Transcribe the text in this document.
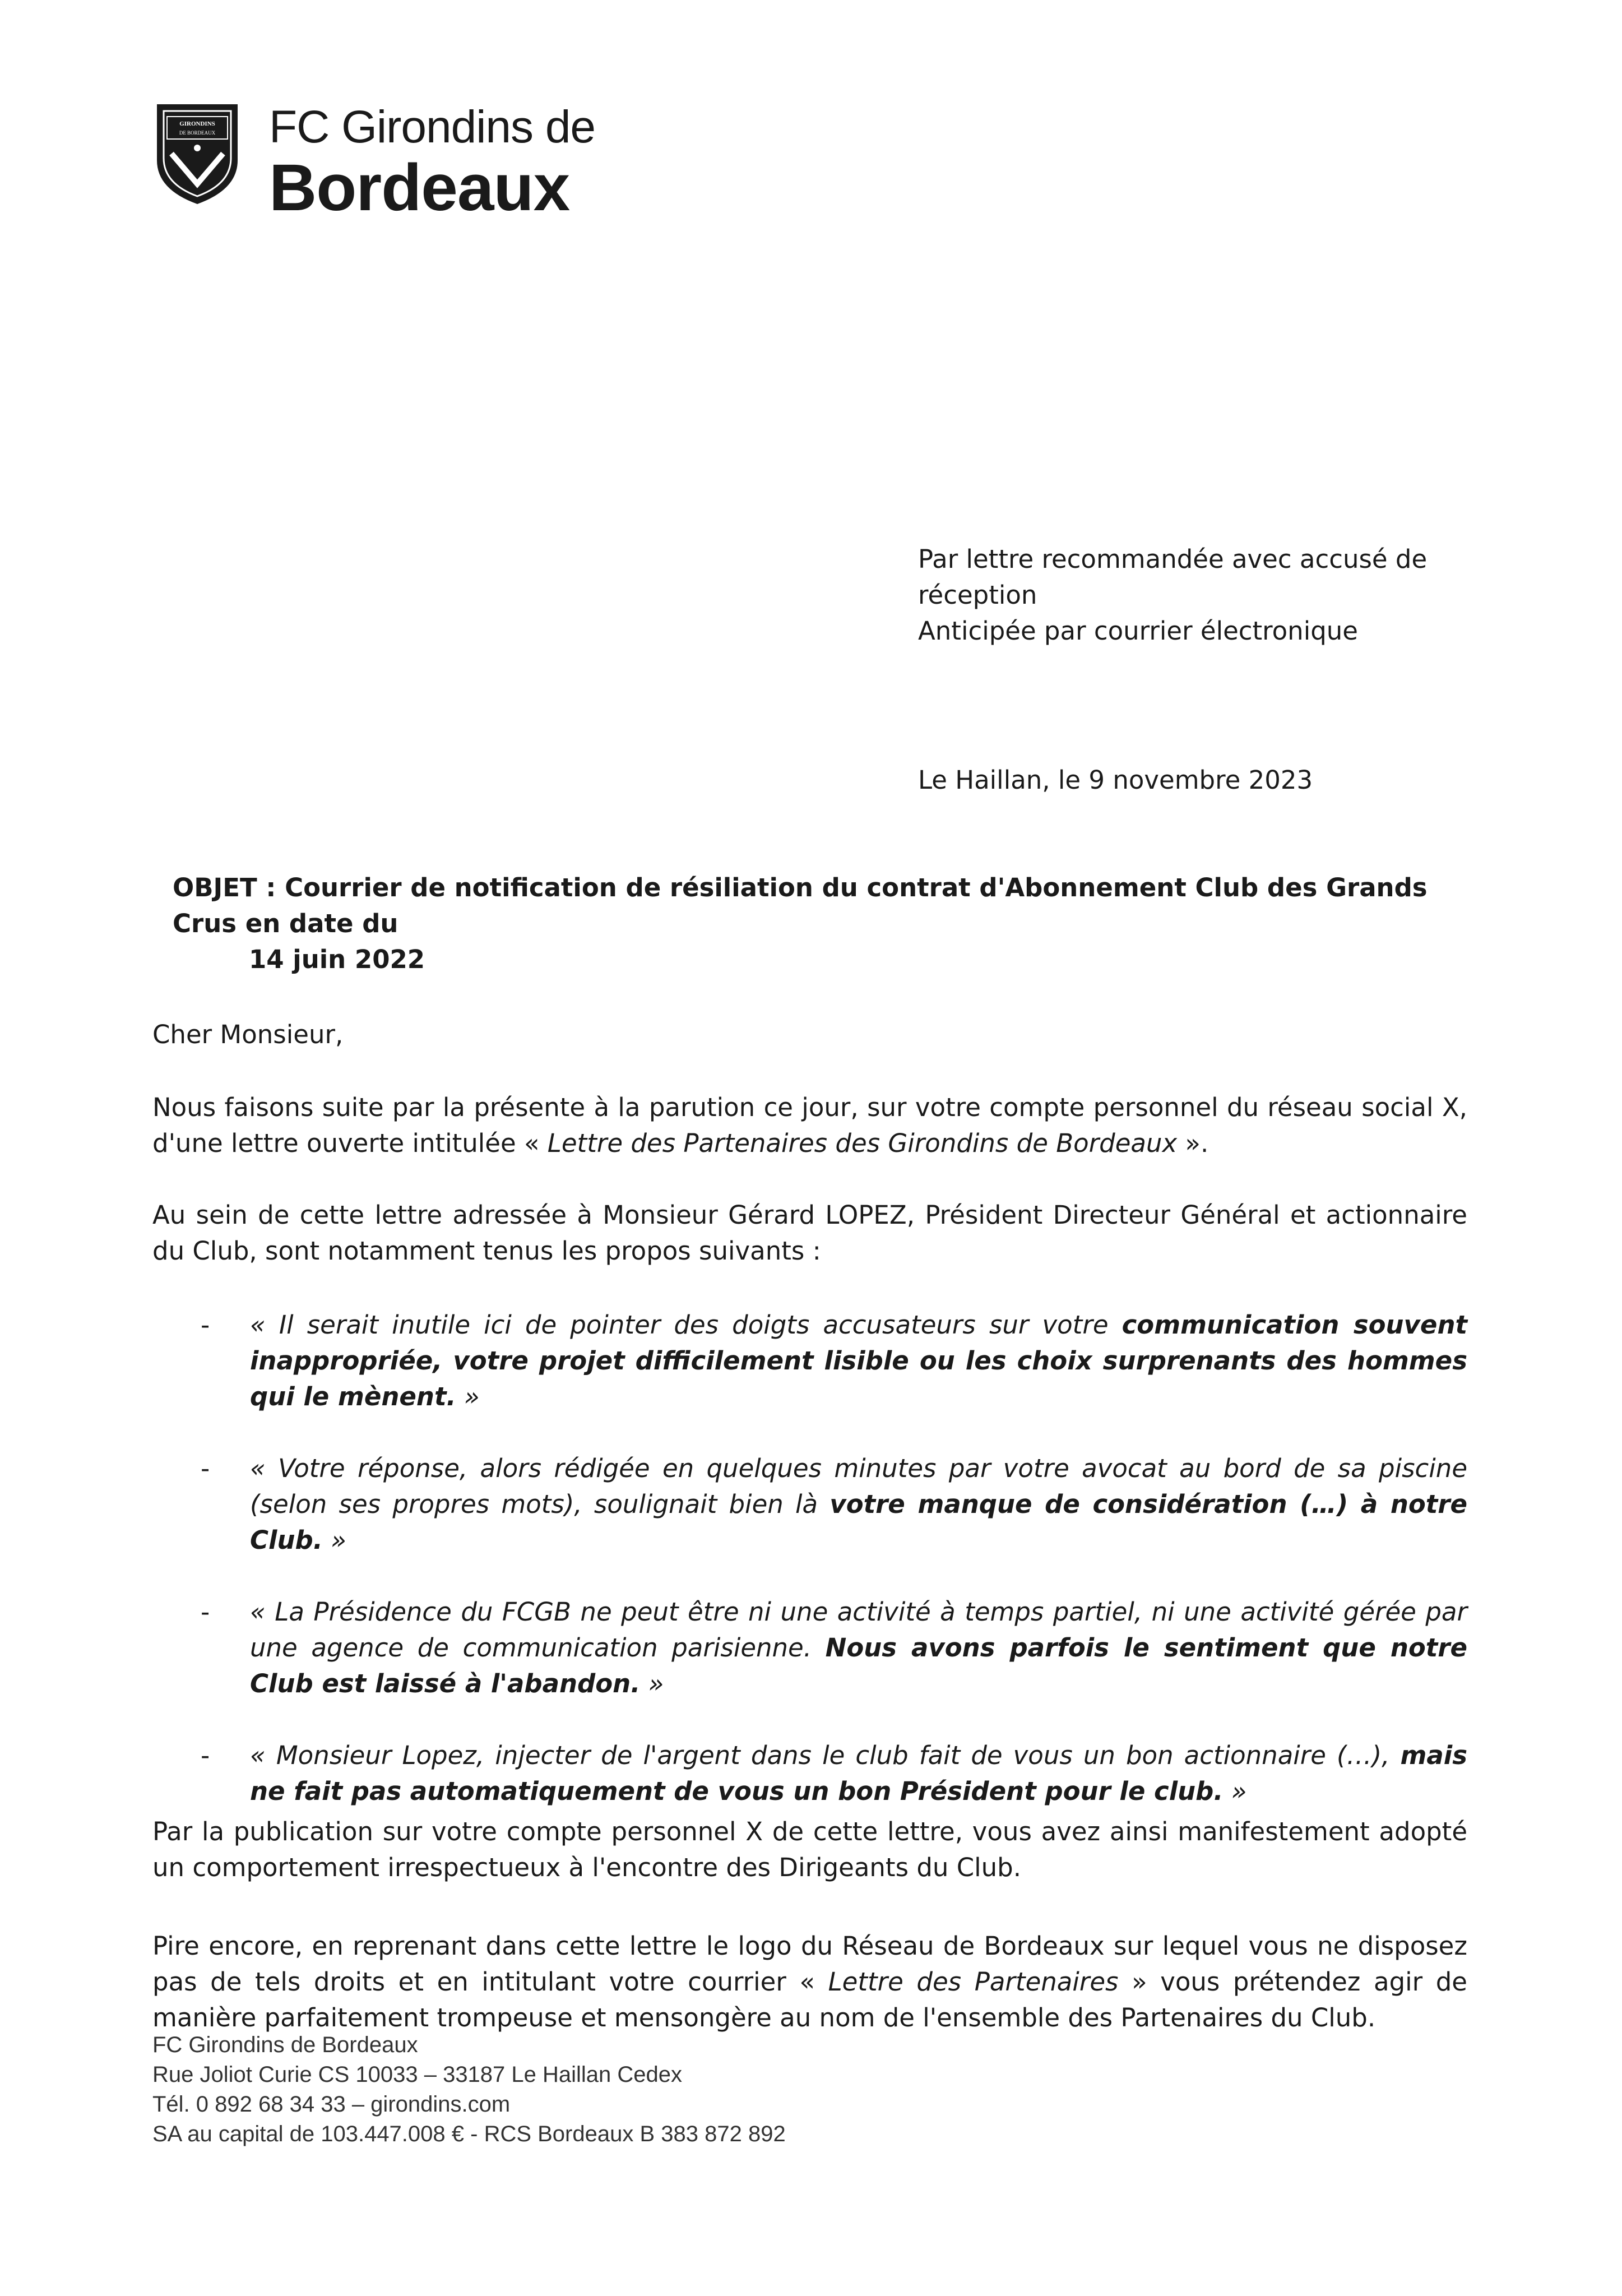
GIRONDINS
DE BORDEAUX FC Girondins de
Bordeaux
Par lettre recommandée avec accusé de réception
Anticipée par courrier électronique
Le Haillan, le 9 novembre 2023
OBJET : Courrier de notification de résiliation du contrat d'Abonnement Club des Grands Crus en date du
14 juin 2022
Cher Monsieur,
Nous faisons suite par la présente à la parution ce jour, sur votre compte personnel du réseau social X, d'une lettre ouverte intitulée « Lettre des Partenaires des Girondins de Bordeaux ».
Au sein de cette lettre adressée à Monsieur Gérard LOPEZ, Président Directeur Général et actionnaire du Club, sont notamment tenus les propos suivants :
- « Il serait inutile ici de pointer des doigts accusateurs sur votre communication souvent inappropriée, votre projet difficilement lisible ou les choix surprenants des hommes qui le mènent. »
- « Votre réponse, alors rédigée en quelques minutes par votre avocat au bord de sa piscine (selon ses propres mots), soulignait bien là votre manque de considération (…) à notre Club. »
- « La Présidence du FCGB ne peut être ni une activité à temps partiel, ni une activité gérée par une agence de communication parisienne. Nous avons parfois le sentiment que notre Club est laissé à l'abandon. »
- « Monsieur Lopez, injecter de l'argent dans le club fait de vous un bon actionnaire (…), mais ne fait pas automatiquement de vous un bon Président pour le club. »
Par la publication sur votre compte personnel X de cette lettre, vous avez ainsi manifestement adopté un comportement irrespectueux à l'encontre des Dirigeants du Club.
Pire encore, en reprenant dans cette lettre le logo du Réseau de Bordeaux sur lequel vous ne disposez pas de tels droits et en intitulant votre courrier « Lettre des Partenaires » vous prétendez agir de manière parfaitement trompeuse et mensongère au nom de l'ensemble des Partenaires du Club.
FC Girondins de Bordeaux
Rue Joliot Curie CS 10033 – 33187 Le Haillan Cedex
Tél. 0 892 68 34 33 – girondins.com
SA au capital de 103.447.008 € - RCS Bordeaux B 383 872 892
